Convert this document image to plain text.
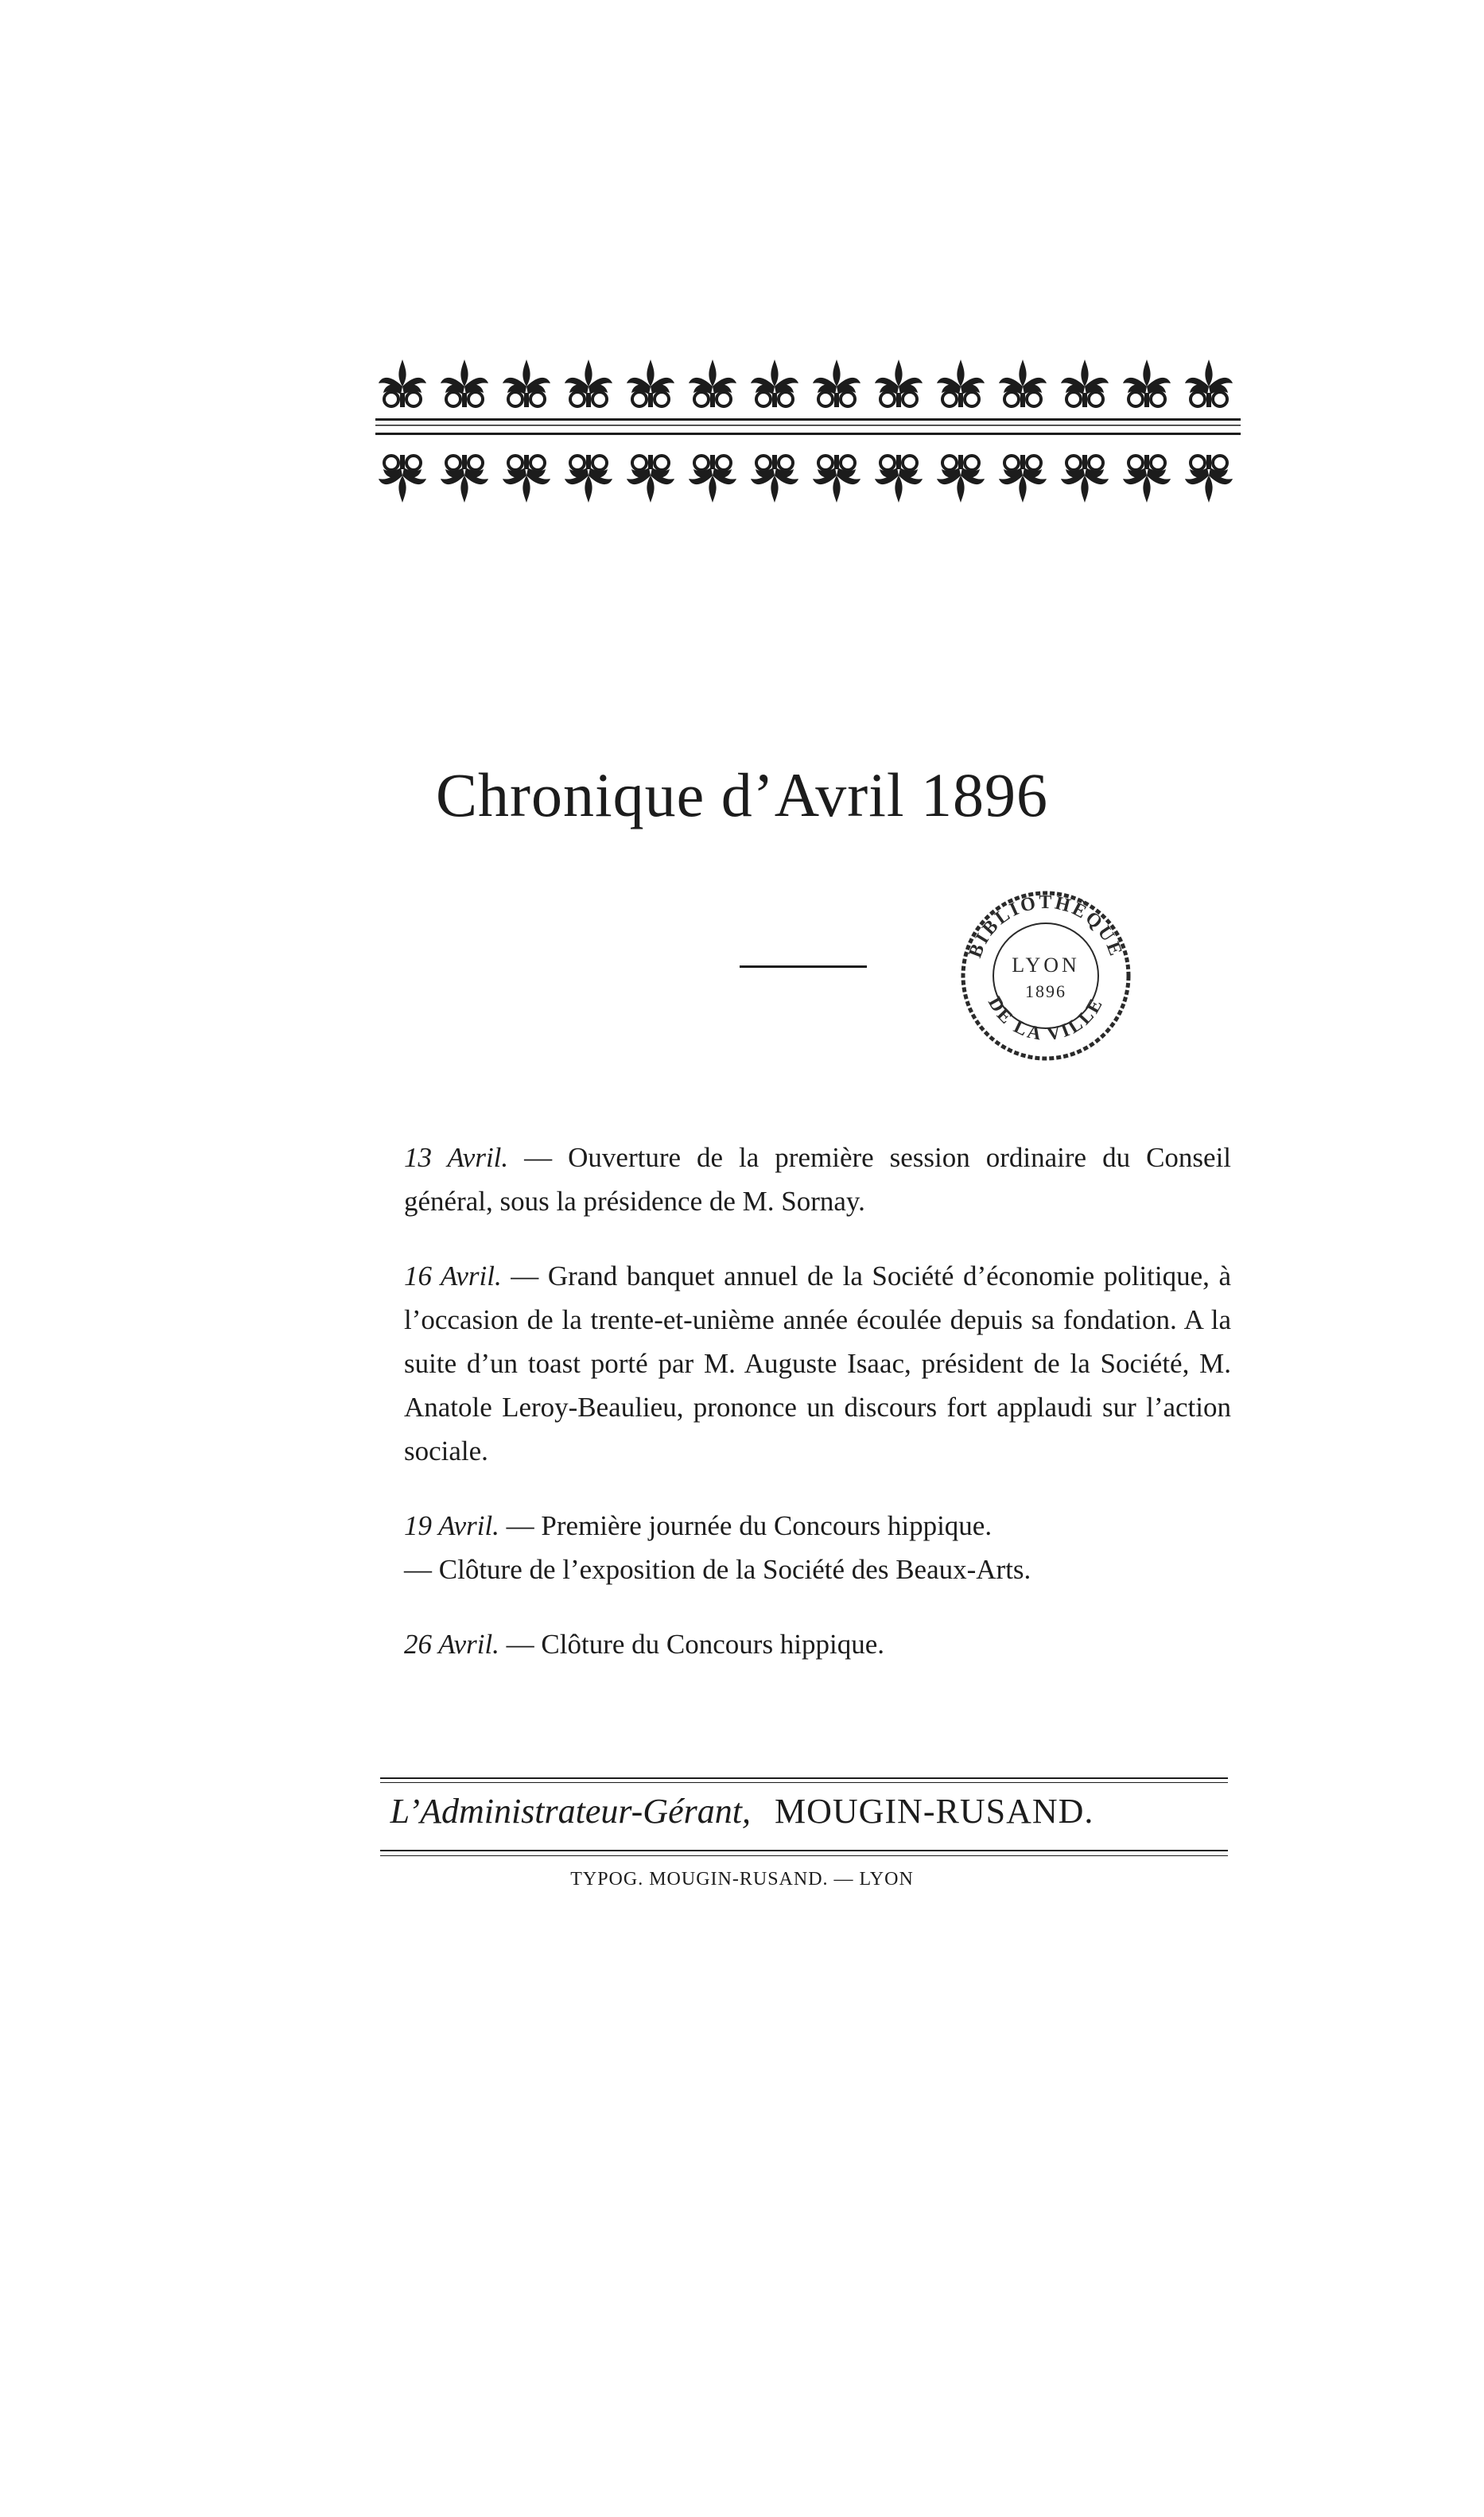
Chronique d’Avril 1896
BIBLIOTHÈQUE
DE LA VILLE
LYON
1896

13 Avril. — Ouverture de la première session ordinaire du Conseil général, sous la présidence de M. Sornay.

16 Avril. — Grand banquet annuel de la Société d’économie politique, à l’occasion de la trente-et-unième année écoulée depuis sa fondation. A la suite d’un toast porté par M. Auguste Isaac, président de la Société, M. Anatole Leroy-Beaulieu, prononce un discours fort applaudi sur l’action sociale.

19 Avril. — Première journée du Concours hippique.

— Clôture de l’exposition de la Société des Beaux-Arts.

26 Avril. — Clôture du Concours hippique.

L’Administrateur-Gérant, MOUGIN-RUSAND.
TYPOG. MOUGIN-RUSAND. — LYON
